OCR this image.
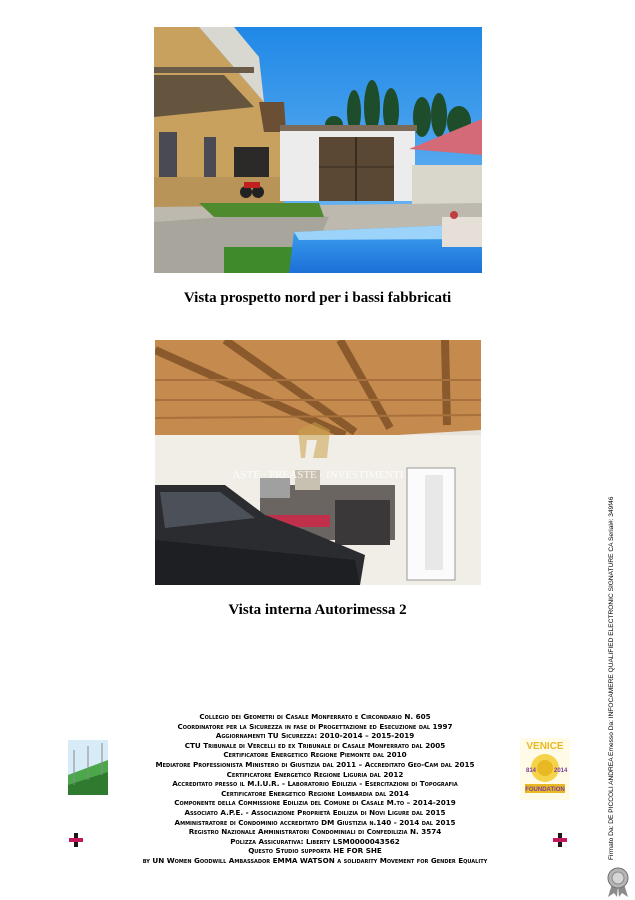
Vista prospetto nord per i bassi fabbricati
ASTE · PREASTE · INVESTIMENTI
Vista interna Autorimessa 2
VENICE
814	2014
FOUNDATION
Collegio dei Geometri di Casale Monferrato e Circondario N. 605
Coordinatore per la Sicurezza in fase di Progettazione ed Esecuzione dal 1997
Aggiornamenti TU Sicurezza: 2010-2014 – 2015-2019
CTU Tribunale di Vercelli ed ex Tribunale di Casale Monferrato dal 2005
Certificatore Energetico Regione Piemonte dal 2010
Mediatore Professionista Ministero di Giustizia dal 2011 – Accreditato Geo-Cam dal 2015
Certificatore Energetico Regione Liguria dal 2012
Accreditato presso il M.I.U.R. - Laboratorio Edilizia - Esercitazioni di Topografia
Certificatore Energetico Regione Lombardia dal 2014
Componente della Commissione Edilizia del Comune di Casale M.to – 2014-2019
Associato A.P.E. - Associazione Proprietà Edilizia di Novi Ligure dal 2015
Amministratore di Condominio accreditato DM Giustizia n.140 - 2014 dal 2015
Registro Nazionale Amministratori Condominiali di Confedilizia N. 3574
Polizza Assicurativa: Liberty LSM0000043562
Questo Studio supporta HE FOR SHE
by UN Women Goodwill Ambassador EMMA WATSON a solidarity Movement for Gender Equality
Firmato Da: DE PICCOLI ANDREA Emesso Da: INFOCAMERE QUALIFIED ELECTRONIC SIGNATURE CA Serial#: 349f46
